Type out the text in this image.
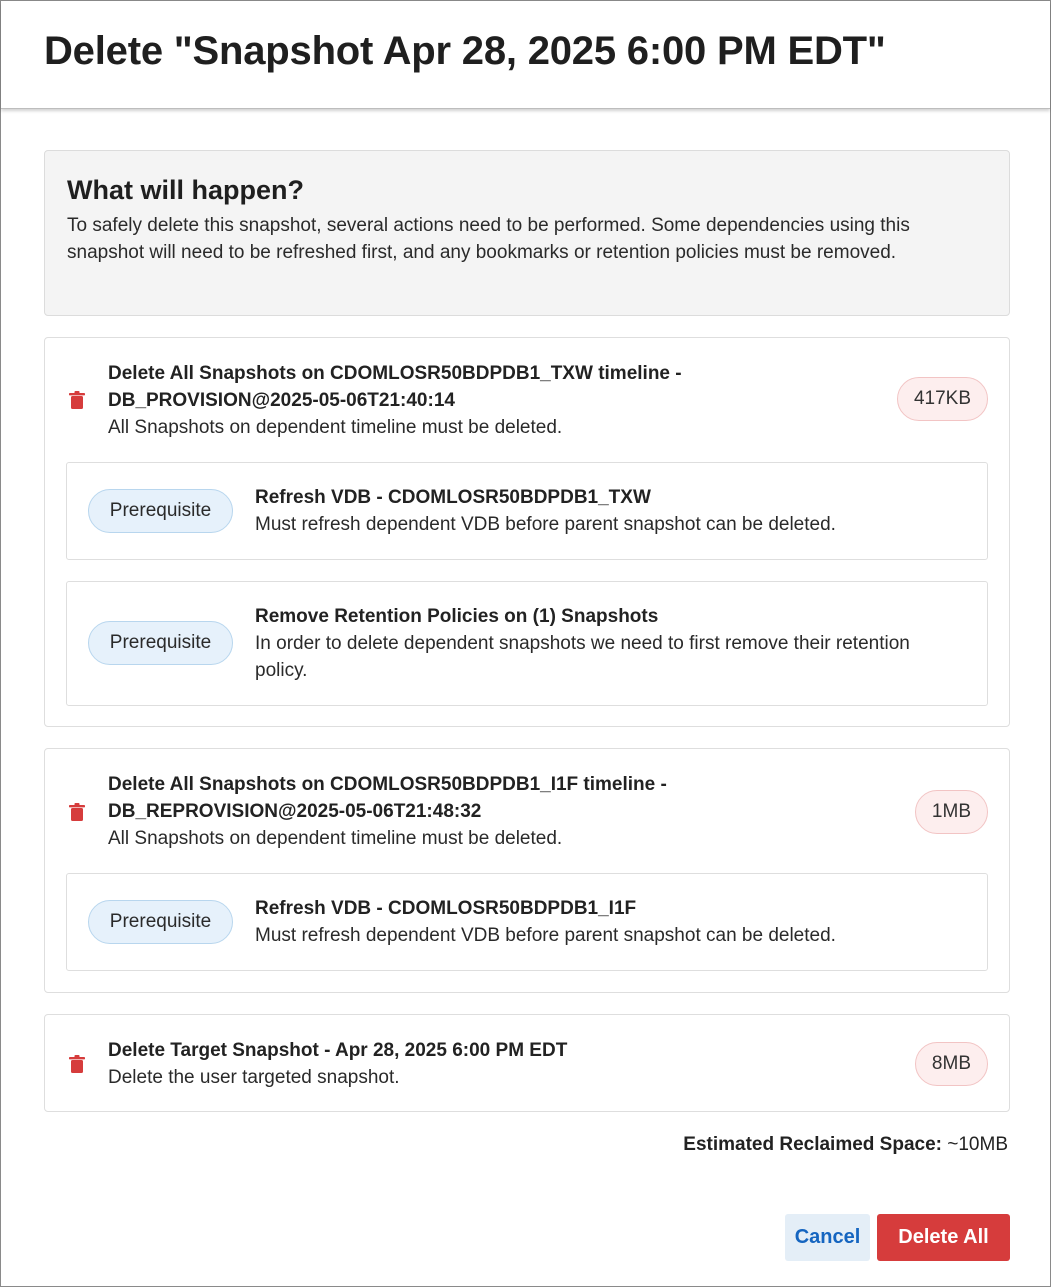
Delete "Snapshot Apr 28, 2025 6:00 PM EDT"
What will happen?
To safely delete this snapshot, several actions need to be performed. Some dependencies using this snapshot will need to be refreshed first, and any bookmarks or retention policies must be removed.
Delete All Snapshots on CDOMLOSR50BDPDB1_TXW timeline - DB_PROVISION@2025-05-06T21:40:14
All Snapshots on dependent timeline must be deleted.
417KB
Prerequisite
Refresh VDB - CDOMLOSR50BDPDB1_TXW
Must refresh dependent VDB before parent snapshot can be deleted.
Prerequisite
Remove Retention Policies on (1) Snapshots
In order to delete dependent snapshots we need to first remove their retention policy.
Delete All Snapshots on CDOMLOSR50BDPDB1_I1F timeline - DB_REPROVISION@2025-05-06T21:48:32
All Snapshots on dependent timeline must be deleted.
1MB
Prerequisite
Refresh VDB - CDOMLOSR50BDPDB1_I1F
Must refresh dependent VDB before parent snapshot can be deleted.
Delete Target Snapshot - Apr 28, 2025 6:00 PM EDT
Delete the user targeted snapshot.
8MB
Estimated Reclaimed Space: ~10MB
Cancel	Delete All
